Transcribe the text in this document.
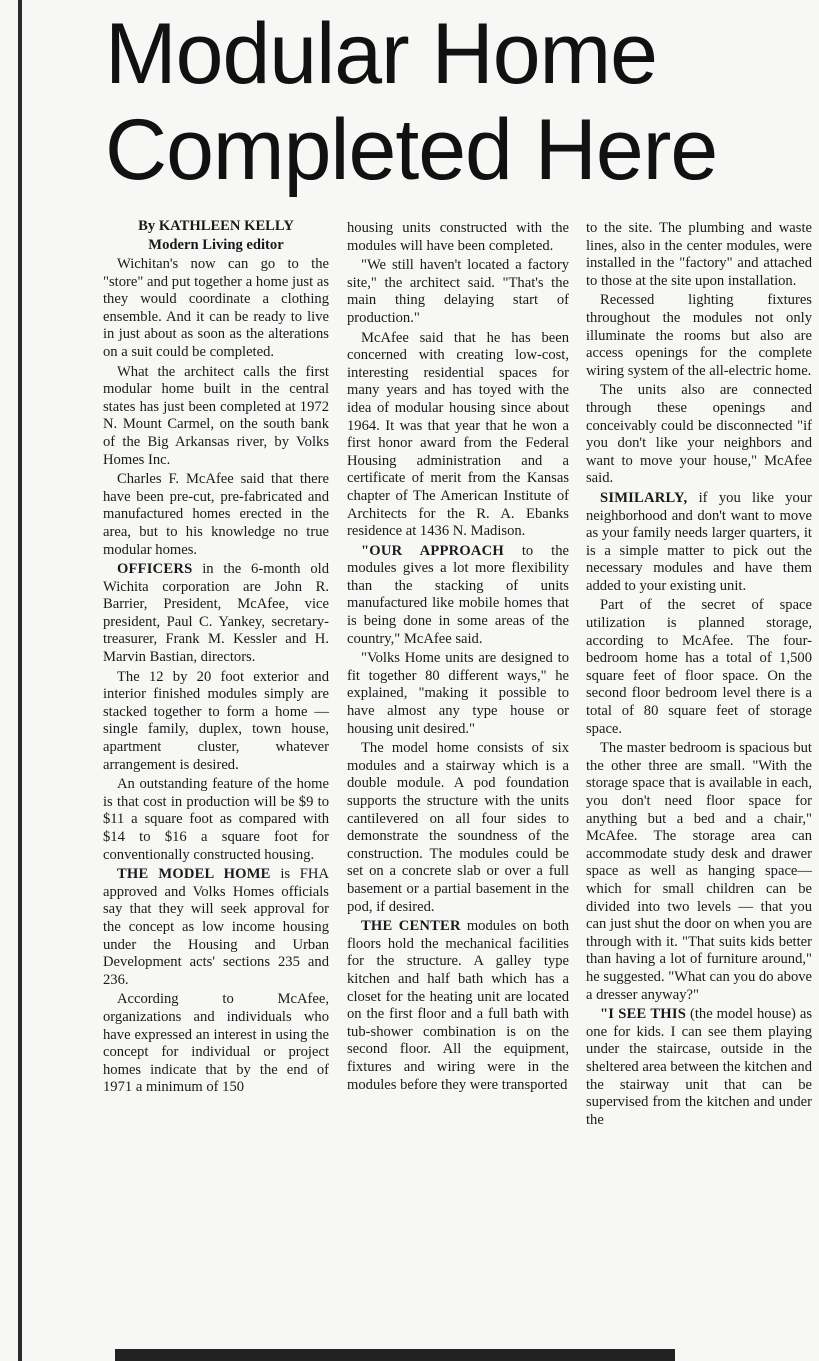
Modular Home Completed Here

By KATHLEEN KELLY

Modern Living editor

Wichitan's now can go to the "store" and put together a home just as they would coordinate a clothing ensemble. And it can be ready to live in just about as soon as the alterations on a suit could be completed.

What the architect calls the first modular home built in the central states has just been completed at 1972 N. Mount Carmel, on the south bank of the Big Arkansas river, by Volks Homes Inc.

Charles F. McAfee said that there have been pre-cut, pre-fabricated and manufactured homes erected in the area, but to his knowledge no true modular homes.

OFFICERS in the 6-month old Wichita corporation are John R. Barrier, President, McAfee, vice president, Paul C. Yankey, secretary-treasurer, Frank M. Kessler and H. Marvin Bastian, directors.

The 12 by 20 foot exterior and interior finished modules simply are stacked together to form a home — single family, duplex, town house, apartment cluster, whatever arrangement is desired.

An outstanding feature of the home is that cost in production will be $9 to $11 a square foot as compared with $14 to $16 a square foot for conventionally constructed housing.

THE MODEL HOME is FHA approved and Volks Homes officials say that they will seek approval for the concept as low income housing under the Housing and Urban Development acts' sections 235 and 236.

According to McAfee, organizations and individuals who have expressed an interest in using the concept for individual or project homes indicate that by the end of 1971 a minimum of 150

housing units constructed with the modules will have been completed.

"We still haven't located a factory site," the architect said. "That's the main thing delaying start of production."

McAfee said that he has been concerned with creating low-cost, interesting residential spaces for many years and has toyed with the idea of modular housing since about 1964. It was that year that he won a first honor award from the Federal Housing administration and a certificate of merit from the Kansas chapter of The American Institute of Architects for the R. A. Ebanks residence at 1436 N. Madison.

"OUR APPROACH to the modules gives a lot more flexibility than the stacking of units manufactured like mobile homes that is being done in some areas of the country," McAfee said.

"Volks Home units are designed to fit together 80 different ways," he explained, "making it possible to have almost any type house or housing unit desired."

The model home consists of six modules and a stairway which is a double module. A pod foundation supports the structure with the units cantilevered on all four sides to demonstrate the soundness of the construction. The modules could be set on a concrete slab or over a full basement or a partial basement in the pod, if desired.

THE CENTER modules on both floors hold the mechanical facilities for the structure. A galley type kitchen and half bath which has a closet for the heating unit are located on the first floor and a full bath with tub-shower combination is on the second floor. All the equipment, fixtures and wiring were in the modules before they were transported

to the site. The plumbing and waste lines, also in the center modules, were installed in the "factory" and attached to those at the site upon installation.

Recessed lighting fixtures throughout the modules not only illuminate the rooms but also are access openings for the complete wiring system of the all-electric home.

The units also are connected through these openings and conceivably could be disconnected "if you don't like your neighbors and want to move your house," McAfee said.

SIMILARLY, if you like your neighborhood and don't want to move as your family needs larger quarters, it is a simple matter to pick out the necessary modules and have them added to your existing unit.

Part of the secret of space utilization is planned storage, according to McAfee. The four-bedroom home has a total of 1,500 square feet of floor space. On the second floor bedroom level there is a total of 80 square feet of storage space.

The master bedroom is spacious but the other three are small. "With the storage space that is available in each, you don't need floor space for anything but a bed and a chair," McAfee. The storage area can accommodate study desk and drawer space as well as hanging space—which for small children can be divided into two levels — that you can just shut the door on when you are through with it. "That suits kids better than having a lot of furniture around," he suggested. "What can you do above a dresser anyway?"

"I SEE THIS (the model house) as one for kids. I can see them playing under the staircase, outside in the sheltered area between the kitchen and the stairway unit that can be supervised from the kitchen and under the
